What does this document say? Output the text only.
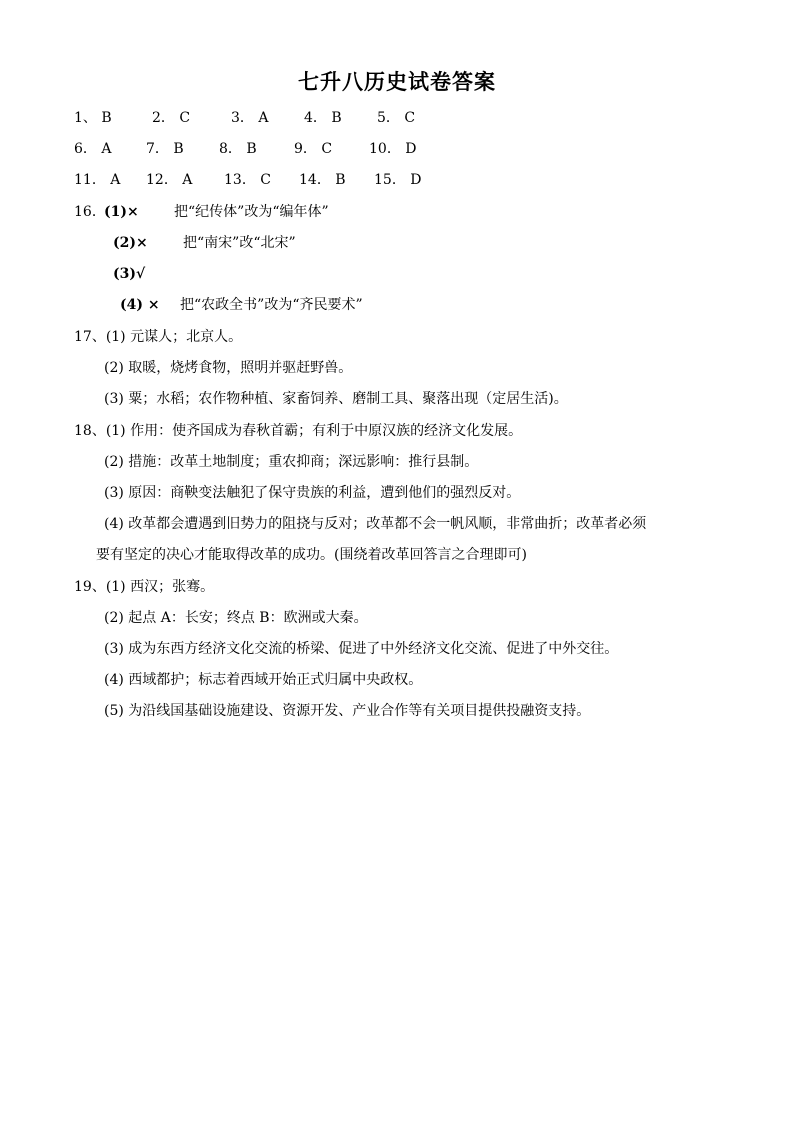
七升八历史试卷答案
1、 B	2． C	3． A	4． B	5． C
6． A	7． B	8． B	9． C	10． D
11． A	12． A	13． C	14． B	15． D
16．
(1)×	把“纪传体”改为“编年体”
(2)×	把“南宋”改“北宋”
(3)√
(4) × 把“农政全书”改为“齐民要术”
17、(1) 元谋人；北京人。
(2) 取暖，烧烤食物，照明并驱赶野兽。
(3) 粟；水稻；农作物种植、家畜饲养、磨制工具、聚落出现（定居生活)。
18、(1) 作用：使齐国成为春秋首霸；有利于中原汉族的经济文化发展。
(2) 措施：改革土地制度；重农抑商；深远影响：推行县制。
(3) 原因：商鞅变法触犯了保守贵族的利益，遭到他们的强烈反对。
(4) 改革都会遭遇到旧势力的阻挠与反对；改革都不会一帆风顺，非常曲折；改革者必须
要有坚定的决心才能取得改革的成功。(围绕着改革回答言之合理即可)
19、(1) 西汉；张骞。
(2) 起点 A：长安；终点 B：欧洲或大秦。
(3) 成为东西方经济文化交流的桥梁、促进了中外经济文化交流、促进了中外交往。
(4) 西域都护；标志着西域开始正式归属中央政权。
(5) 为沿线国基础设施建设、资源开发、产业合作等有关项目提供投融资支持。
